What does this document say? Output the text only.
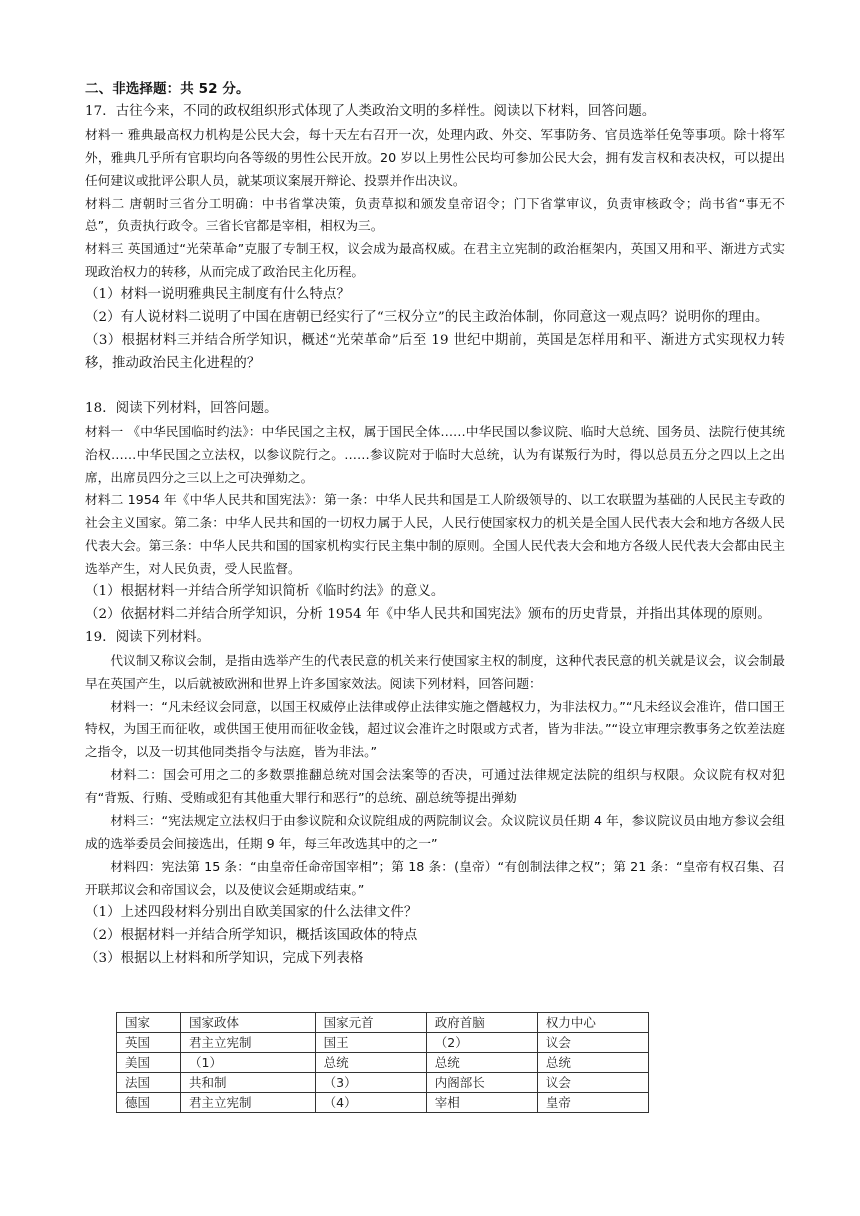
二、非选择题：共 52 分。

17．古往今来，不同的政权组织形式体现了人类政治文明的多样性。阅读以下材料，回答问题。

材料一 雅典最高权力机构是公民大会，每十天左右召开一次，处理内政、外交、军事防务、官员选举任免等事项。除十将军外，雅典几乎所有官职均向各等级的男性公民开放。20 岁以上男性公民均可参加公民大会，拥有发言权和表决权，可以提出任何建议或批评公职人员，就某项议案展开辩论、投票并作出决议。

材料二 唐朝时三省分工明确：中书省掌决策，负责草拟和颁发皇帝诏令；门下省掌审议，负责审核政令；尚书省“事无不总”，负责执行政令。三省长官都是宰相，相权为三。

材料三 英国通过“光荣革命”克服了专制王权，议会成为最高权威。在君主立宪制的政治框架内，英国又用和平、渐进方式实现政治权力的转移，从而完成了政治民主化历程。

（1）材料一说明雅典民主制度有什么特点？

（2）有人说材料二说明了中国在唐朝已经实行了“三权分立”的民主政治体制，你同意这一观点吗？说明你的理由。

（3）根据材料三并结合所学知识，概述“光荣革命”后至 19 世纪中期前，英国是怎样用和平、渐进方式实现权力转移，推动政治民主化进程的？

18．阅读下列材料，回答问题。

材料一 《中华民国临时约法》：中华民国之主权，属于国民全体……中华民国以参议院、临时大总统、国务员、法院行使其统治权……中华民国之立法权，以参议院行之。……参议院对于临时大总统，认为有谋叛行为时，得以总员五分之四以上之出席，出席员四分之三以上之可决弹劾之。

材料二 1954 年《中华人民共和国宪法》：第一条：中华人民共和国是工人阶级领导的、以工农联盟为基础的人民民主专政的社会主义国家。第二条：中华人民共和国的一切权力属于人民，人民行使国家权力的机关是全国人民代表大会和地方各级人民代表大会。第三条：中华人民共和国的国家机构实行民主集中制的原则。全国人民代表大会和地方各级人民代表大会都由民主选举产生，对人民负责，受人民监督。

（1）根据材料一并结合所学知识简析《临时约法》的意义。

（2）依据材料二并结合所学知识，分析 1954 年《中华人民共和国宪法》颁布的历史背景，并指出其体现的原则。

19．阅读下列材料。

代议制又称议会制，是指由选举产生的代表民意的机关来行使国家主权的制度，这种代表民意的机关就是议会，议会制最早在英国产生，以后就被欧洲和世界上许多国家效法。阅读下列材料，回答问题：

材料一：“凡未经议会同意，以国王权威停止法律或停止法律实施之僭越权力，为非法权力。”“凡未经议会准许，借口国王特权，为国王而征收，或供国王使用而征收金钱，超过议会准许之时限或方式者，皆为非法。”“设立审理宗教事务之钦差法庭之指令，以及一切其他同类指令与法庭，皆为非法。”

材料二：国会可用之二的多数票推翻总统对国会法案等的否决，可通过法律规定法院的组织与权限。众议院有权对犯有“背叛、行贿、受贿或犯有其他重大罪行和恶行”的总统、副总统等提出弹劾

材料三：“宪法规定立法权归于由参议院和众议院组成的两院制议会。众议院议员任期 4 年，参议院议员由地方参议会组成的选举委员会间接选出，任期 9 年，每三年改选其中的之一”

材料四：宪法第 15 条：“由皇帝任命帝国宰相”；第 18 条：(皇帝）“有创制法律之权”；第 21 条：“皇帝有权召集、召开联邦议会和帝国议会，以及使议会延期或结束。”

（1）上述四段材料分别出自欧美国家的什么法律文件？

（2）根据材料一并结合所学知识，概括该国政体的特点

（3）根据以上材料和所学知识，完成下列表格

国家	国家政体	国家元首	政府首脑	权力中心
英国	君主立宪制	国王	（2）	议会
美国	（1）	总统	总统	总统
法国	共和制	（3）	内阁部长	议会
德国	君主立宪制	（4）	宰相	皇帝
